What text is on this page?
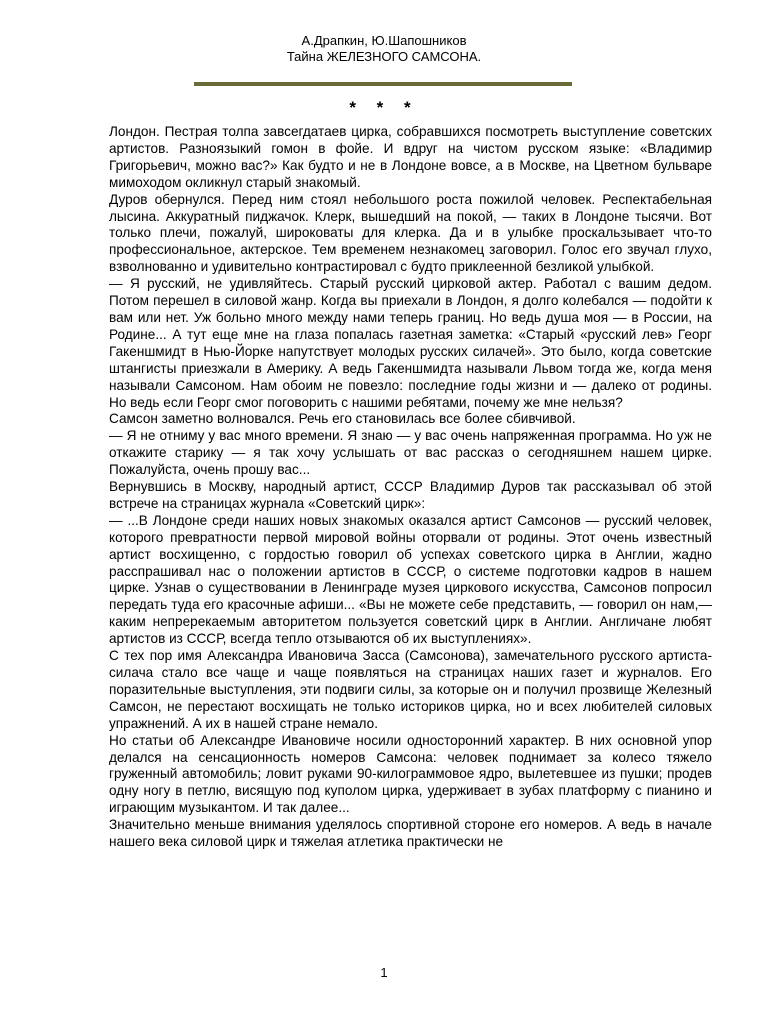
А.Драпкин, Ю.Шапошников
Тайна ЖЕЛЕЗНОГО САМСОНА.
* * *

Лондон. Пестрая толпа завсегдатаев цирка, собравшихся посмотреть выступление советских артистов. Разноязыкий гомон в фойе. И вдруг на чистом русском языке: «Владимир Григорьевич, можно вас?» Как будто и не в Лондоне вовсе, а в Москве, на Цветном бульваре мимоходом окликнул старый знакомый.

Дуров обернулся. Перед ним стоял небольшого роста пожилой человек. Респектабельная лысина. Аккуратный пиджачок. Клерк, вышедший на покой, — таких в Лондоне тысячи. Вот только плечи, пожалуй, широковаты для клерка. Да и в улыбке проскальзывает что-то профессиональное, актерское. Тем временем незнакомец заговорил. Голос его звучал глухо, взволнованно и удивительно контрастировал с будто приклеенной безликой улыбкой.

— Я русский, не удивляйтесь. Старый русский цирковой актер. Работал с вашим дедом. Потом перешел в силовой жанр. Когда вы приехали в Лондон, я долго колебался — подойти к вам или нет. Уж больно много между нами теперь границ. Но ведь душа моя — в России, на Родине... А тут еще мне на глаза попалась газетная заметка: «Старый «русский лев» Георг Гакеншмидт в Нью-Йорке напутствует молодых русских силачей». Это было, когда советские штангисты приезжали в Америку. А ведь Гакеншмидта называли Львом тогда же, когда меня называли Самсоном. Нам обоим не повезло: последние годы жизни и — далеко от родины. Но ведь если Георг смог поговорить с нашими ребятами, почему же мне нельзя?

Самсон заметно волновался. Речь его становилась все более сбивчивой.

— Я не отниму у вас много времени. Я знаю — у вас очень напряженная программа. Но уж не откажите старику — я так хочу услышать от вас рассказ о сегодняшнем нашем цирке. Пожалуйста, очень прошу вас...

Вернувшись в Москву, народный артист, СССР Владимир Дуров так рассказывал об этой встрече на страницах журнала «Советский цирк»:

— ...В Лондоне среди наших новых знакомых оказался артист Самсонов — русский человек, которого превратности первой мировой войны оторвали от родины. Этот очень известный артист восхищенно, с гордостью говорил об успехах советского цирка в Англии, жадно расспрашивал нас о положении артистов в СССР, о системе подготовки кадров в нашем цирке. Узнав о существовании в Ленинграде музея циркового искусства, Самсонов попросил передать туда его красочные афиши... «Вы не можете себе представить, — говорил он нам,— каким непререкаемым авторитетом пользуется советский цирк в Англии. Англичане любят артистов из СССР, всегда тепло отзываются об их выступлениях».

С тех пор имя Александра Ивановича Засса (Самсонова), замечательного русского артиста-силача стало все чаще и чаще появляться на страницах наших газет и журналов. Его поразительные выступления, эти подвиги силы, за которые он и получил прозвище Железный Самсон, не перестают восхищать не только историков цирка, но и всех любителей силовых упражнений. А их в нашей стране немало.

Но статьи об Александре Ивановиче носили односторонний характер. В них основной упор делался на сенсационность номеров Самсона: человек поднимает за колесо тяжело груженный автомобиль; ловит руками 90-килограммовое ядро, вылетевшее из пушки; продев одну ногу в петлю, висящую под куполом цирка, удерживает в зубах платформу с пианино и играющим музыкантом. И так далее...

Значительно меньше внимания уделялось спортивной стороне его номеров. А ведь в начале нашего века силовой цирк и тяжелая атлетика практически не

1
